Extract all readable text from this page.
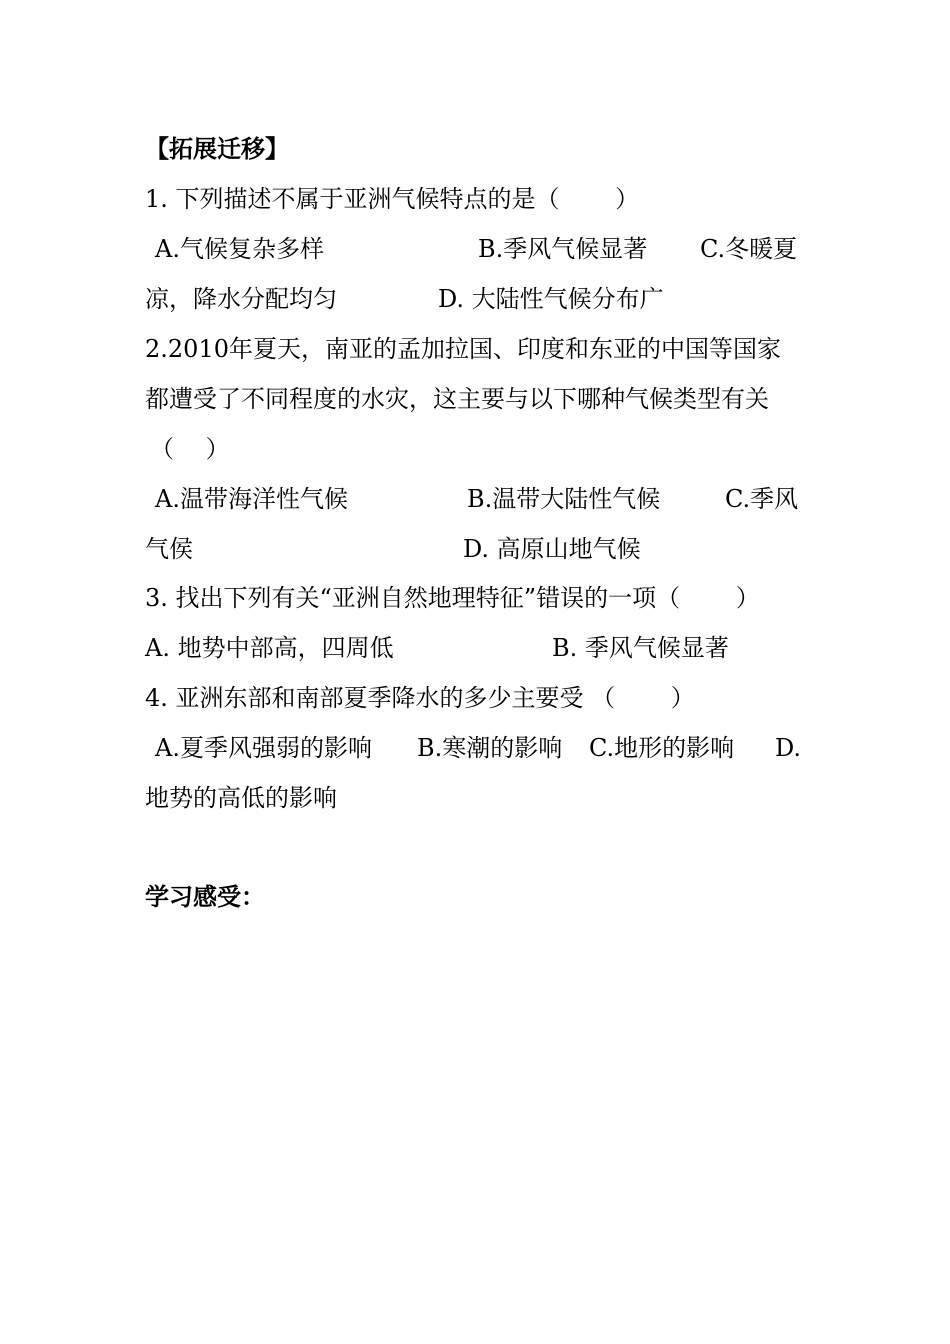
【拓展迁移】
1. 下列描述不属于亚洲气候特点的是（　　 ）

A.气候复杂多样

	B.季风气候显著

C.冬暖夏

凉，降水分配均匀

	D. 大陆性气候分布广

2.2010年夏天，南亚的孟加拉国、印度和东亚的中国等国家
都遭受了不同程度的水灾，这主要与以下哪种气候类型有关
（　 ）

A.温带海洋性气候

	B.温带大陆性气候

	C.季风

气侯

	D. 高原山地气候

3. 找出下列有关“亚洲自然地理特征”错误的一项（　　 ）

A. 地势中部高，四周低

	B. 季风气候显著

4. 亚洲东部和南部夏季降水的多少主要受 （　　 ）

A.夏季风强弱的影响

B.寒潮的影响

C.地形的影响

D.

地势的高低的影响
学习感受：
